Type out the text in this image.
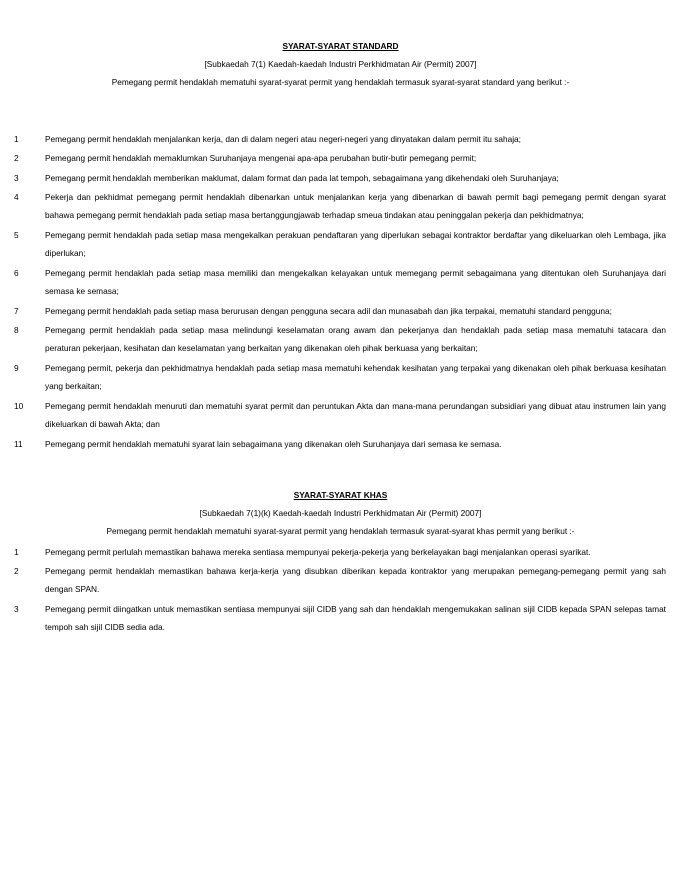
SYARAT-SYARAT STANDARD
[Subkaedah 7(1) Kaedah-kaedah Industri Perkhidmatan Air (Permit) 2007]
Pemegang permit hendaklah mematuhi syarat-syarat permit yang hendaklah termasuk syarat-syarat standard yang berikut :-
1	Pemegang permit hendaklah menjalankan kerja, dan di dalam negeri atau negeri-negeri yang dinyatakan dalam permit itu sahaja;
2	Pemegang permit hendaklah memaklumkan Suruhanjaya mengenai apa-apa perubahan butir-butir pemegang permit;
3	Pemegang permit hendaklah memberikan maklumat, dalam format dan pada lat tempoh, sebagaimana yang dikehendaki oleh Suruhanjaya;
4	Pekerja dan pekhidmat pemegang permit hendaklah dibenarkan untuk menjalankan kerja yang dibenarkan di bawah permit bagi pemegang permit dengan syarat bahawa pemegang permit hendaklah pada setiap masa bertanggungjawab terhadap smeua tindakan atau peninggalan pekerja dan pekhidmatnya;
5	Pemegang permit hendaklah pada setiap masa mengekalkan perakuan pendaftaran yang diperlukan sebagai kontraktor berdaftar yang dikeluarkan oleh Lembaga, jika diperlukan;
6	Pemegang permit hendaklah pada setiap masa memiliki dan mengekalkan kelayakan untuk memegang permit sebagaimana yang ditentukan oleh Suruhanjaya dari semasa ke semasa;
7	Pemegang permit hendaklah pada setiap masa berurusan dengan pengguna secara adil dan munasabah dan jika terpakai, mematuhi standard pengguna;
8	Pemegang permit hendaklah pada setiap masa melindungi keselamatan orang awam dan pekerjanya dan hendaklah pada setiap masa mematuhi tatacara dan peraturan pekerjaan, kesihatan dan keselamatan yang berkaitan yang dikenakan oleh pihak berkuasa yang berkaitan;
9	Pemegang permit, pekerja dan pekhidmatnya hendaklah pada setiap masa mematuhi kehendak kesihatan yang terpakai yang dikenakan oleh pihak berkuasa kesihatan yang berkaitan;
10	Pemegang permit hendaklah menuruti dan mematuhi syarat permit dan peruntukan Akta dan mana-mana perundangan subsidiari yang dibuat atau instrumen lain yang dikeluarkan di bawah Akta; dan
11	Pemegang permit hendaklah mematuhi syarat lain sebagaimana yang dikenakan oleh Suruhanjaya dari semasa ke semasa.
SYARAT-SYARAT KHAS
[Subkaedah 7(1)(k) Kaedah-kaedah Industri Perkhidmatan Air (Permit) 2007]
Pemegang permit hendaklah mematuhi syarat-syarat permit yang hendaklah termasuk syarat-syarat khas permit yang berikut :-
1	Pemegang permit perlulah memastikan bahawa mereka sentiasa mempunyai pekerja-pekerja yang berkelayakan bagi menjalankan operasi syarikat.
2	Pemegang permit hendaklah memastikan bahawa kerja-kerja yang disubkan diberikan kepada kontraktor yang merupakan pemegang-pemegang permit yang sah dengan SPAN.
3	Pemegang permit diingatkan untuk memastikan sentiasa mempunyai sijil CIDB yang sah dan hendaklah mengemukakan salinan sijil CIDB kepada SPAN selepas tamat tempoh sah sijil CIDB sedia ada.
